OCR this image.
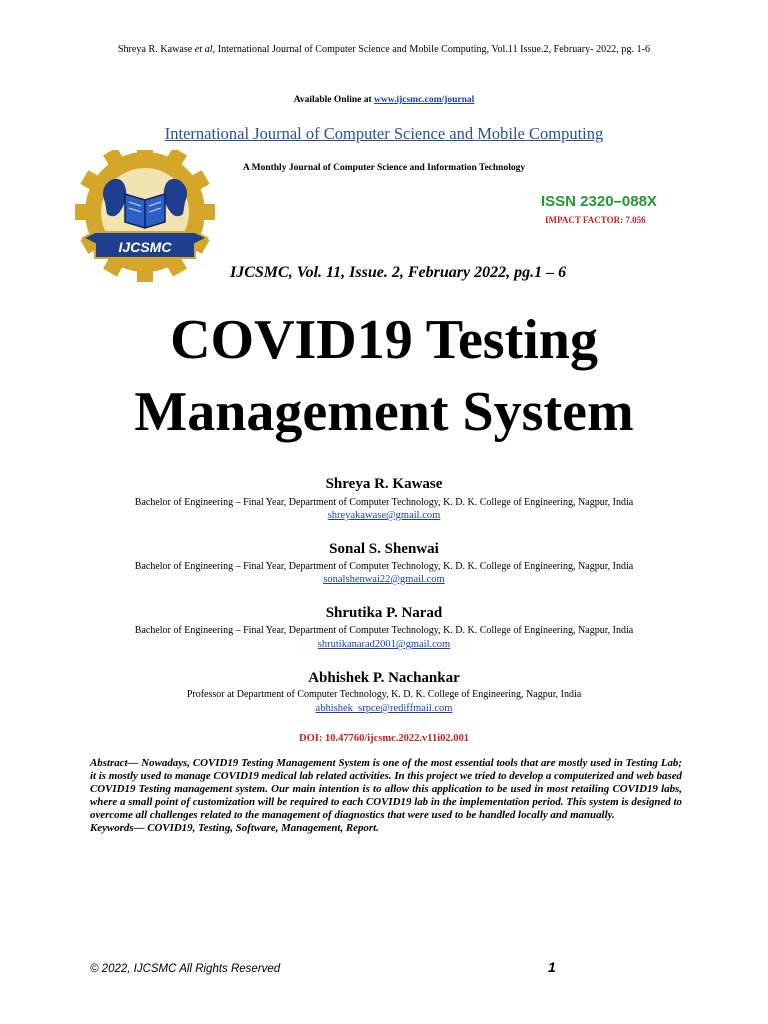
Shreya R. Kawase et al, International Journal of Computer Science and Mobile Computing, Vol.11 Issue.2, February- 2022, pg. 1-6
Available Online at www.ijcsmc.com/journal
International Journal of Computer Science and Mobile Computing
A Monthly Journal of Computer Science and Information Technology
IJCSMC
ISSN 2320–088X
IMPACT FACTOR: 7.056
IJCSMC, Vol. 11, Issue. 2, February 2022, pg.1 – 6
COVID19 Testing
Management System
Shreya R. Kawase
Bachelor of Engineering – Final Year, Department of Computer Technology, K. D. K. College of Engineering, Nagpur, India
shreyakawase@gmail.com
Sonal S. Shenwai
Bachelor of Engineering – Final Year, Department of Computer Technology, K. D. K. College of Engineering, Nagpur, India
sonalshenwai22@gmail.com
Shrutika P. Narad
Bachelor of Engineering – Final Year, Department of Computer Technology, K. D. K. College of Engineering, Nagpur, India
shrutikanarad2001@gmail.com
Abhishek P. Nachankar
Professor at Department of Computer Technology, K. D. K. College of Engineering, Nagpur, India
abhishek_srpce@rediffmail.com
DOI: 10.47760/ijcsmc.2022.v11i02.001

Abstract— Nowadays, COVID19 Testing Management System is one of the most essential tools that are mostly used in Testing Lab; it is mostly used to manage COVID19 medical lab related activities. In this project we tried to develop a computerized and web based COVID19 Testing management system. Our main intention is to allow this application to be used in most retailing COVID19 labs, where a small point of customization will be required to each COVID19 lab in the implementation period. This system is designed to overcome all challenges related to the management of diagnostics that were used to be handled locally and manually.

Keywords— COVID19, Testing, Software, Management, Report.

© 2022, IJCSMC All Rights Reserved	1
